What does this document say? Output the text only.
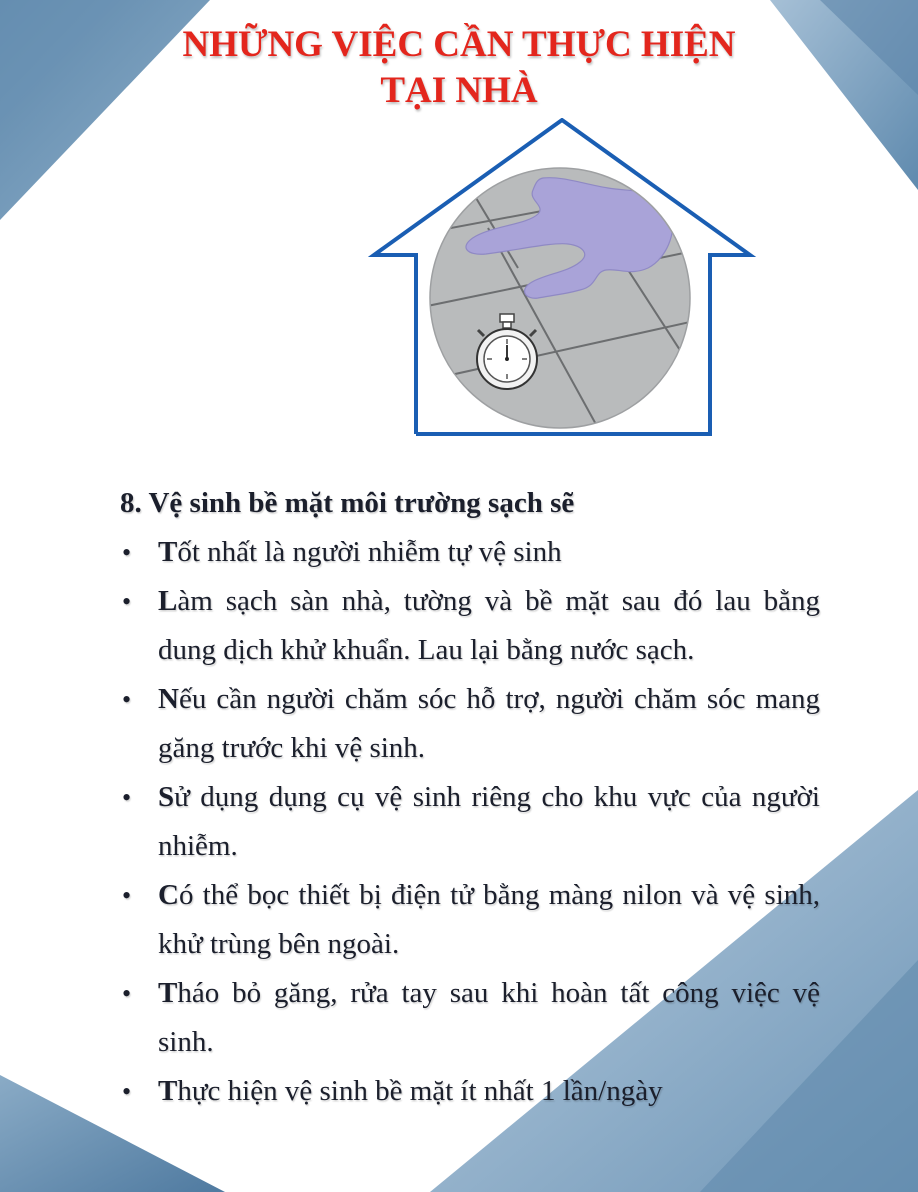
NHỮNG VIỆC CẦN THỰC HIỆN
TẠI NHÀ

8. Vệ sinh bề mặt môi trường sạch sẽ

• Tốt nhất là người nhiễm tự vệ sinh
• Làm sạch sàn nhà, tường và bề mặt sau đó lau bằng dung dịch khử khuẩn. Lau lại bằng nước sạch.
• Nếu cần người chăm sóc hỗ trợ, người chăm sóc mang găng trước khi vệ sinh.
• Sử dụng dụng cụ vệ sinh riêng cho khu vực của người nhiễm.
• Có thể bọc thiết bị điện tử bằng màng nilon và vệ sinh, khử trùng bên ngoài.
• Tháo bỏ găng, rửa tay sau khi hoàn tất công việc vệ sinh.
• Thực hiện vệ sinh bề mặt ít nhất 1 lần/ngày
